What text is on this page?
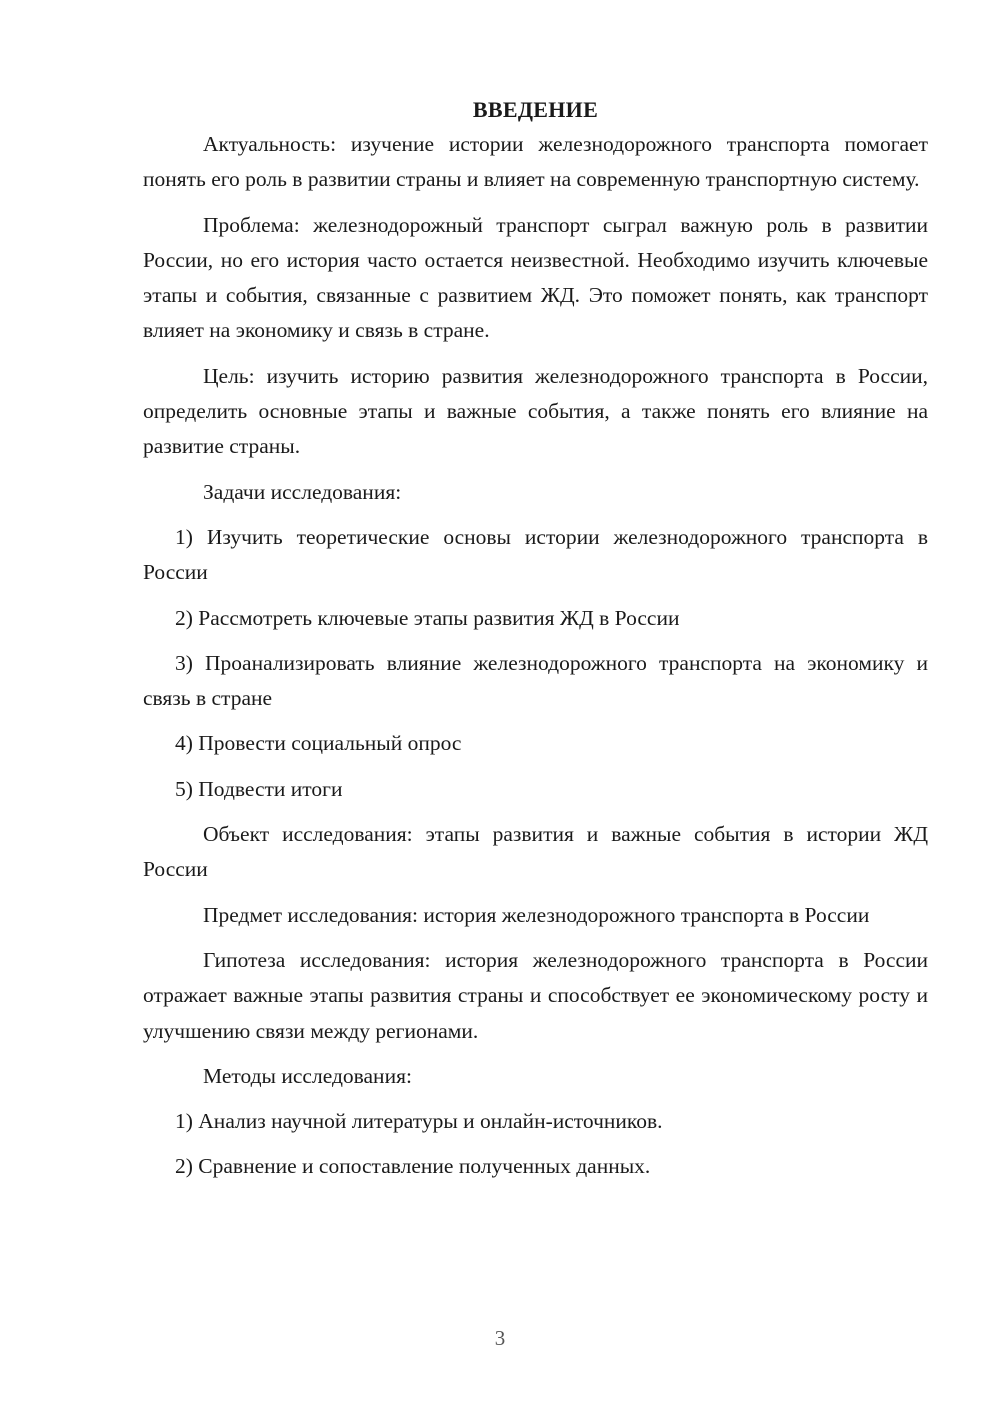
ВВЕДЕНИЕ

Актуальность: изучение истории железнодорожного транспорта помогает понять его роль в развитии страны и влияет на современную транспортную систему.

Проблема: железнодорожный транспорт сыграл важную роль в развитии России, но его история часто остается неизвестной. Необходимо изучить ключевые этапы и события, связанные с развитием ЖД. Это поможет понять, как транспорт влияет на экономику и связь в стране.

Цель: изучить историю развития железнодорожного транспорта в России, определить основные этапы и важные события, а также понять его влияние на развитие страны.

Задачи исследования:

1) Изучить теоретические основы истории железнодорожного транспорта в России

2) Рассмотреть ключевые этапы развития ЖД в России

3) Проанализировать влияние железнодорожного транспорта на экономику и связь в стране

4) Провести социальный опрос

5) Подвести итоги

Объект исследования: этапы развития и важные события в истории ЖД России

Предмет исследования: история железнодорожного транспорта в России

Гипотеза исследования: история железнодорожного транспорта в России отражает важные этапы развития страны и способствует ее экономическому росту и улучшению связи между регионами.

Методы исследования:

1) Анализ научной литературы и онлайн-источников.

2) Сравнение и сопоставление полученных данных.

3
